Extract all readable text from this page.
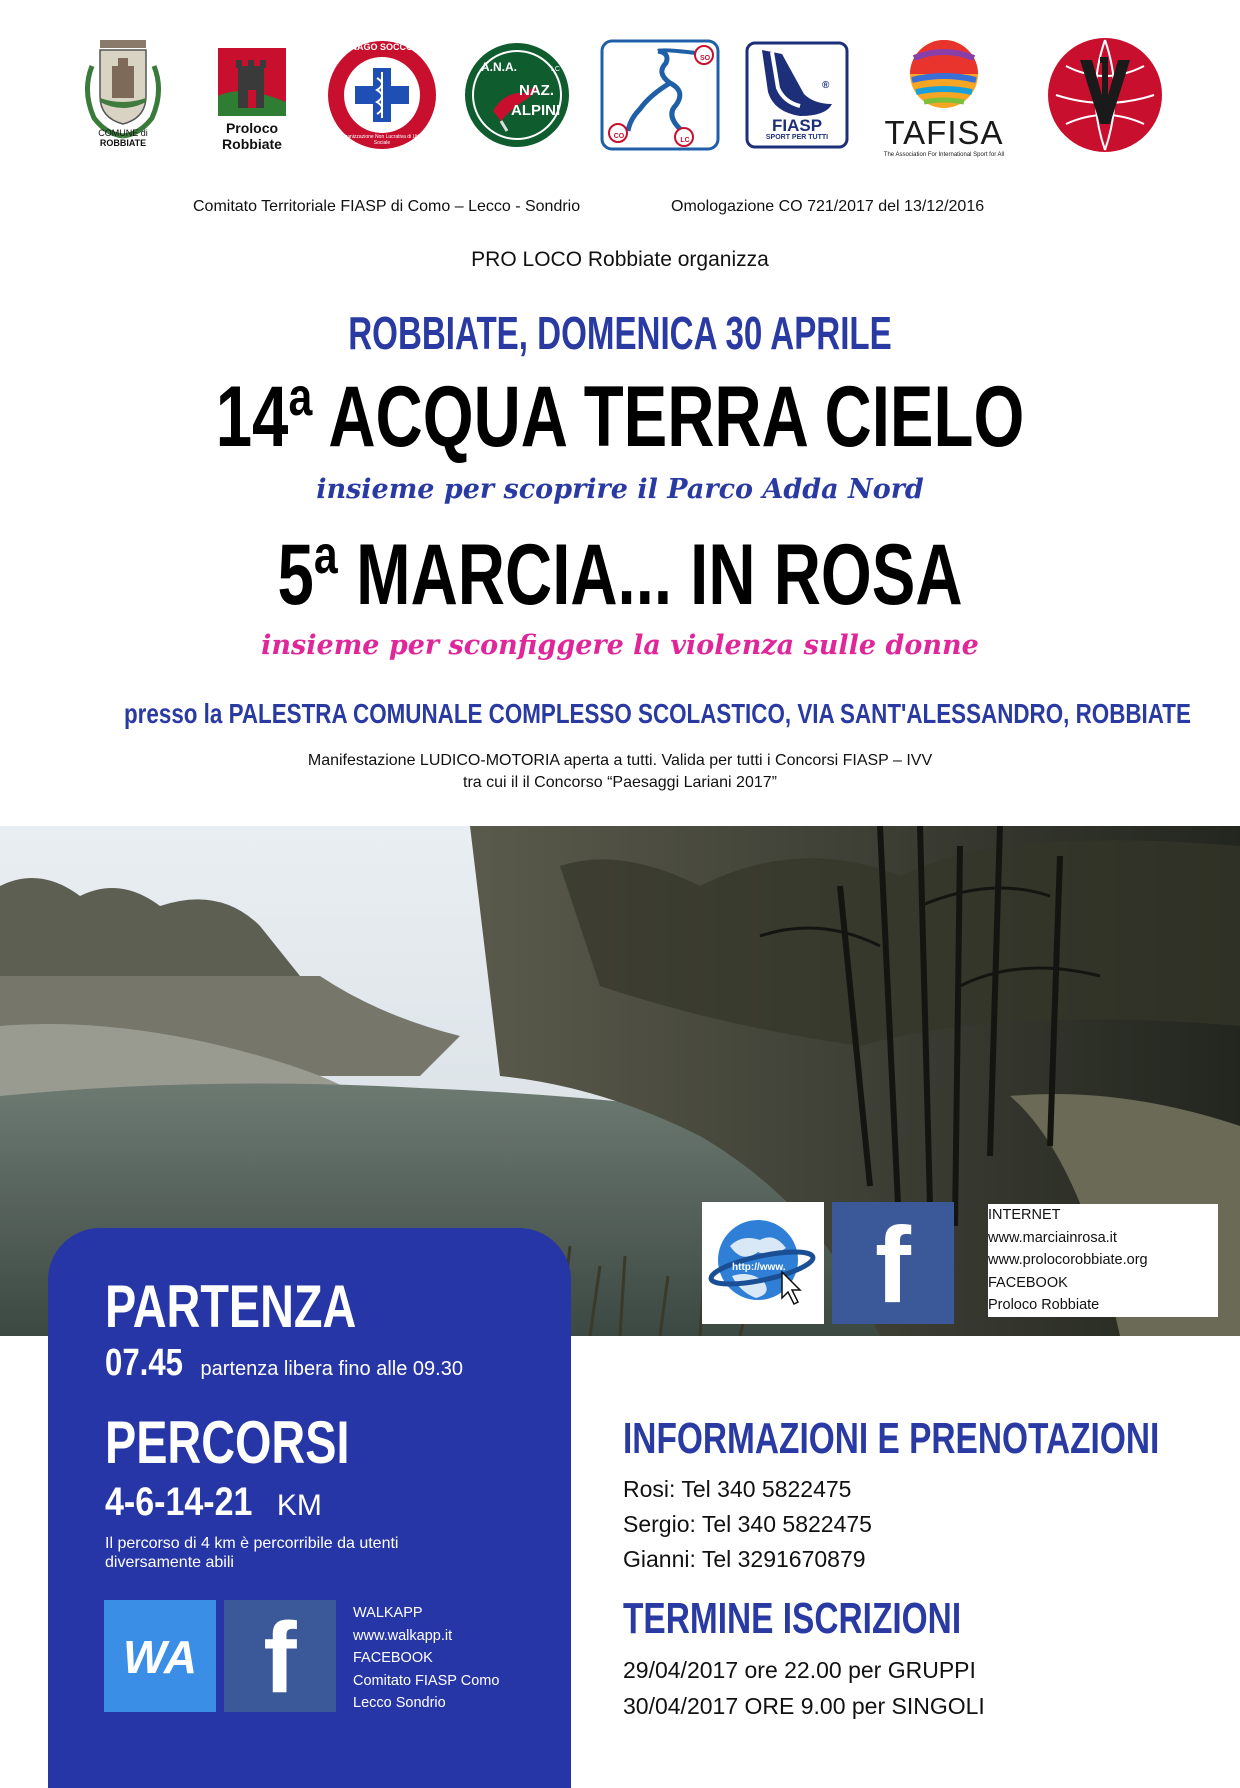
COMUNE di
ROBBIATE
Proloco
Robbiate
BUSNAGO SOCCORSO
Organizzazione Non Lucrativa di Utilità Sociale
A.N.A.
NAZ.
ALPINI
LC
SO
CO
LC
®
FIASP
SPORT PER TUTTI	TAFISA
The Association For International Sport for All
Comitato Territoriale FIASP di Como – Lecco - Sondrio	Omologazione CO 721/2017 del 13/12/2016
PRO LOCO Robbiate organizza
ROBBIATE, DOMENICA 30 APRILE
14ª ACQUA TERRA CIELO
insieme per scoprire il Parco Adda Nord
5ª MARCIA... IN ROSA
insieme per sconfiggere la violenza sulle donne
presso la PALESTRA COMUNALE COMPLESSO SCOLASTICO, VIA SANT'ALESSANDRO, ROBBIATE
Manifestazione LUDICO-MOTORIA aperta a tutti. Valida per tutti i Concorsi FIASP – IVV
tra cui il il Concorso “Paesaggi Lariani 2017”
http://www. f	INTERNET
www.marciainrosa.it
www.prolocorobbiate.org
FACEBOOK
Proloco Robbiate
PARTENZA
07.45 partenza libera fino alle 09.30
PERCORSI
4-6-14-21 KM
Il percorso di 4 km è percorribile da utenti
diversamente abili
WA f	WALKAPP
www.walkapp.it
FACEBOOK
Comitato FIASP Como
Lecco Sondrio
INFORMAZIONI E PRENOTAZIONI
Rosi: Tel 340 5822475
Sergio: Tel 340 5822475
Gianni: Tel 3291670879
TERMINE ISCRIZIONI
29/04/2017 ore 22.00 per GRUPPI
30/04/2017 ORE 9.00 per SINGOLI
